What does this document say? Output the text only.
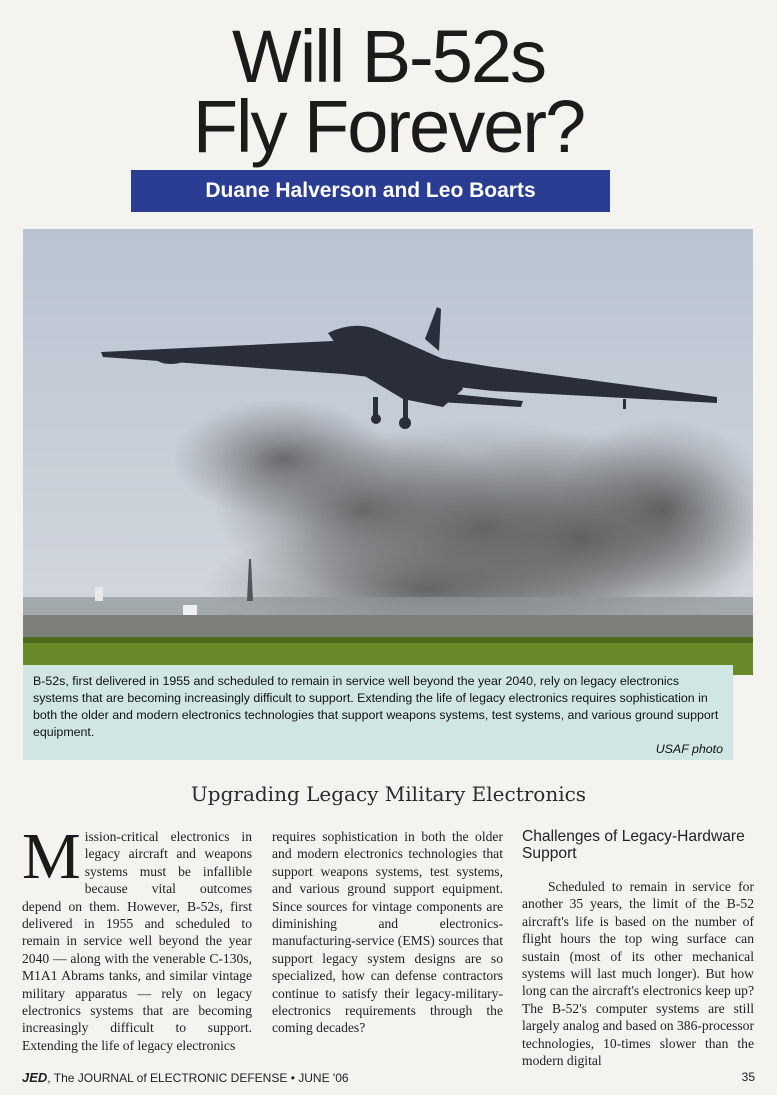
Will B-52s
Fly Forever?
Duane Halverson and Leo Boarts
B-52s, first delivered in 1955 and scheduled to remain in service well beyond the year 2040, rely on legacy electronics systems that are becoming increasingly difficult to support. Extending the life of legacy electronics requires sophistication in both the older and modern electronics technologies that support weapons systems, test systems, and various ground support equipment.
USAF photo
Upgrading Legacy Military Electronics
M ission-critical electronics in legacy aircraft and weapons systems must be infallible because vital outcomes depend on them. However, B-52s, first delivered in 1955 and scheduled to remain in service well beyond the year 2040 — along with the venerable C-130s, M1A1 Abrams tanks, and similar vintage military apparatus — rely on legacy electronics systems that are becoming increasingly difficult to support. Extending the life of legacy electronics

requires sophistication in both the older and modern electronics technologies that support weapons systems, test systems, and various ground support equipment. Since sources for vintage components are diminishing and electronics-manufacturing-service (EMS) sources that support legacy system designs are so specialized, how can defense contractors continue to satisfy their legacy-military-electronics requirements through the coming decades?

Challenges of Legacy-Hardware Support

Scheduled to remain in service for another 35 years, the limit of the B-52 aircraft's life is based on the number of flight hours the top wing surface can sustain (most of its other mechanical systems will last much longer). But how long can the aircraft's electronics keep up? The B-52's computer systems are still largely analog and based on 386-processor technologies, 10-times slower than the modern digital

JED, The JOURNAL of ELECTRONIC DEFENSE • JUNE '06	35
